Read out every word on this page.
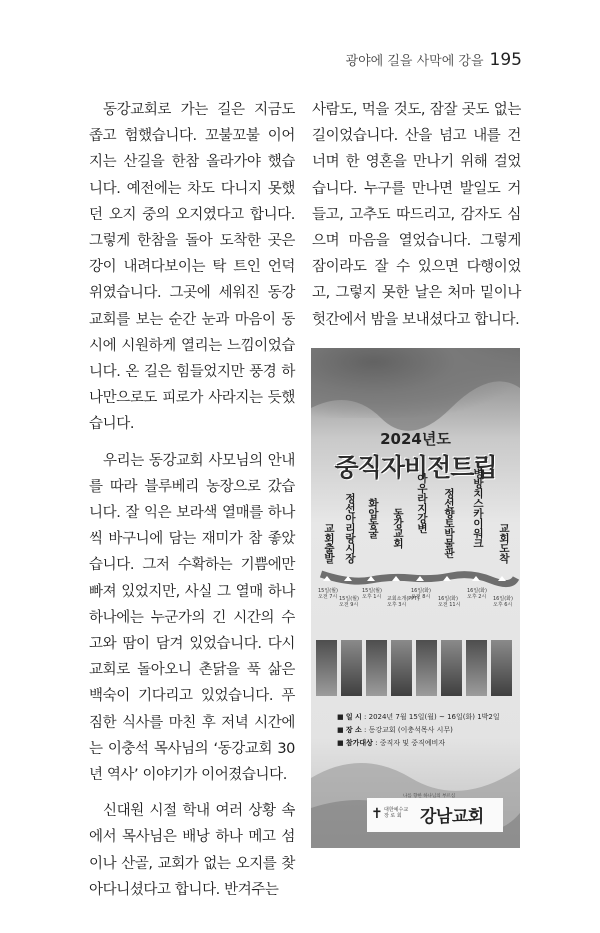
광야에 길을 사막에 강을 195

동강교회로 가는 길은 지금도 좁고 험했습니다. 꼬불꼬불 이어지는 산길을 한참 올라가야 했습니다. 예전에는 차도 다니지 못했던 오지 중의 오지였다고 합니다. 그렇게 한참을 돌아 도착한 곳은 강이 내려다보이는 탁 트인 언덕 위였습니다. 그곳에 세워진 동강교회를 보는 순간 눈과 마음이 동시에 시원하게 열리는 느낌이었습니다. 온 길은 힘들었지만 풍경 하나만으로도 피로가 사라지는 듯했습니다.

우리는 동강교회 사모님의 안내를 따라 블루베리 농장으로 갔습니다. 잘 익은 보라색 열매를 하나씩 바구니에 담는 재미가 참 좋았습니다. 그저 수확하는 기쁨에만 빠져 있었지만, 사실 그 열매 하나하나에는 누군가의 긴 시간의 수고와 땀이 담겨 있었습니다. 다시 교회로 돌아오니 촌닭을 푹 삶은 백숙이 기다리고 있었습니다. 푸짐한 식사를 마친 후 저녁 시간에는 이충석 목사님의 ‘동강교회 30년 역사’ 이야기가 이어졌습니다.

신대원 시절 학내 여러 상황 속에서 목사님은 배낭 하나 메고 섬이나 산골, 교회가 없는 오지를 찾아다니셨다고 합니다. 반겨주는

사람도, 먹을 것도, 잠잘 곳도 없는 길이었습니다. 산을 넘고 내를 건너며 한 영혼을 만나기 위해 걸었습니다. 누구를 만나면 발일도 거들고, 고추도 따드리고, 감자도 심으며 마음을 열었습니다. 그렇게 잠이라도 잘 수 있으면 다행이었고, 그렇지 못한 날은 처마 밑이나 헛간에서 밤을 보내셨다고 합니다.

2024년도
중직자비전트립
교회출발
15일(월)
오전 7시
정선아리랑시장
15일(월)
오전 9시
화암동굴
15일(월)
오후 1시
동강교회
교회소개(PPT)
오후 3시
아우라지강변
16일(화)
오전 8시
정선향토박물관
16일(화)
오전 11시
병방치스카이워크
16일(화)
오후 2시
교회도착
16일(화)
오후 6시
■ 일 시 : 2024년 7월 15일(월) ~ 16일(화) 1박2일
■ 장 소 : 동강교회 (이충석목사 시무)
■ 참가대상 : 중직자 및 중직예비자
나를 향한 하나님의 부르심
✝ 대한예수교
장 로 회	강남교회
